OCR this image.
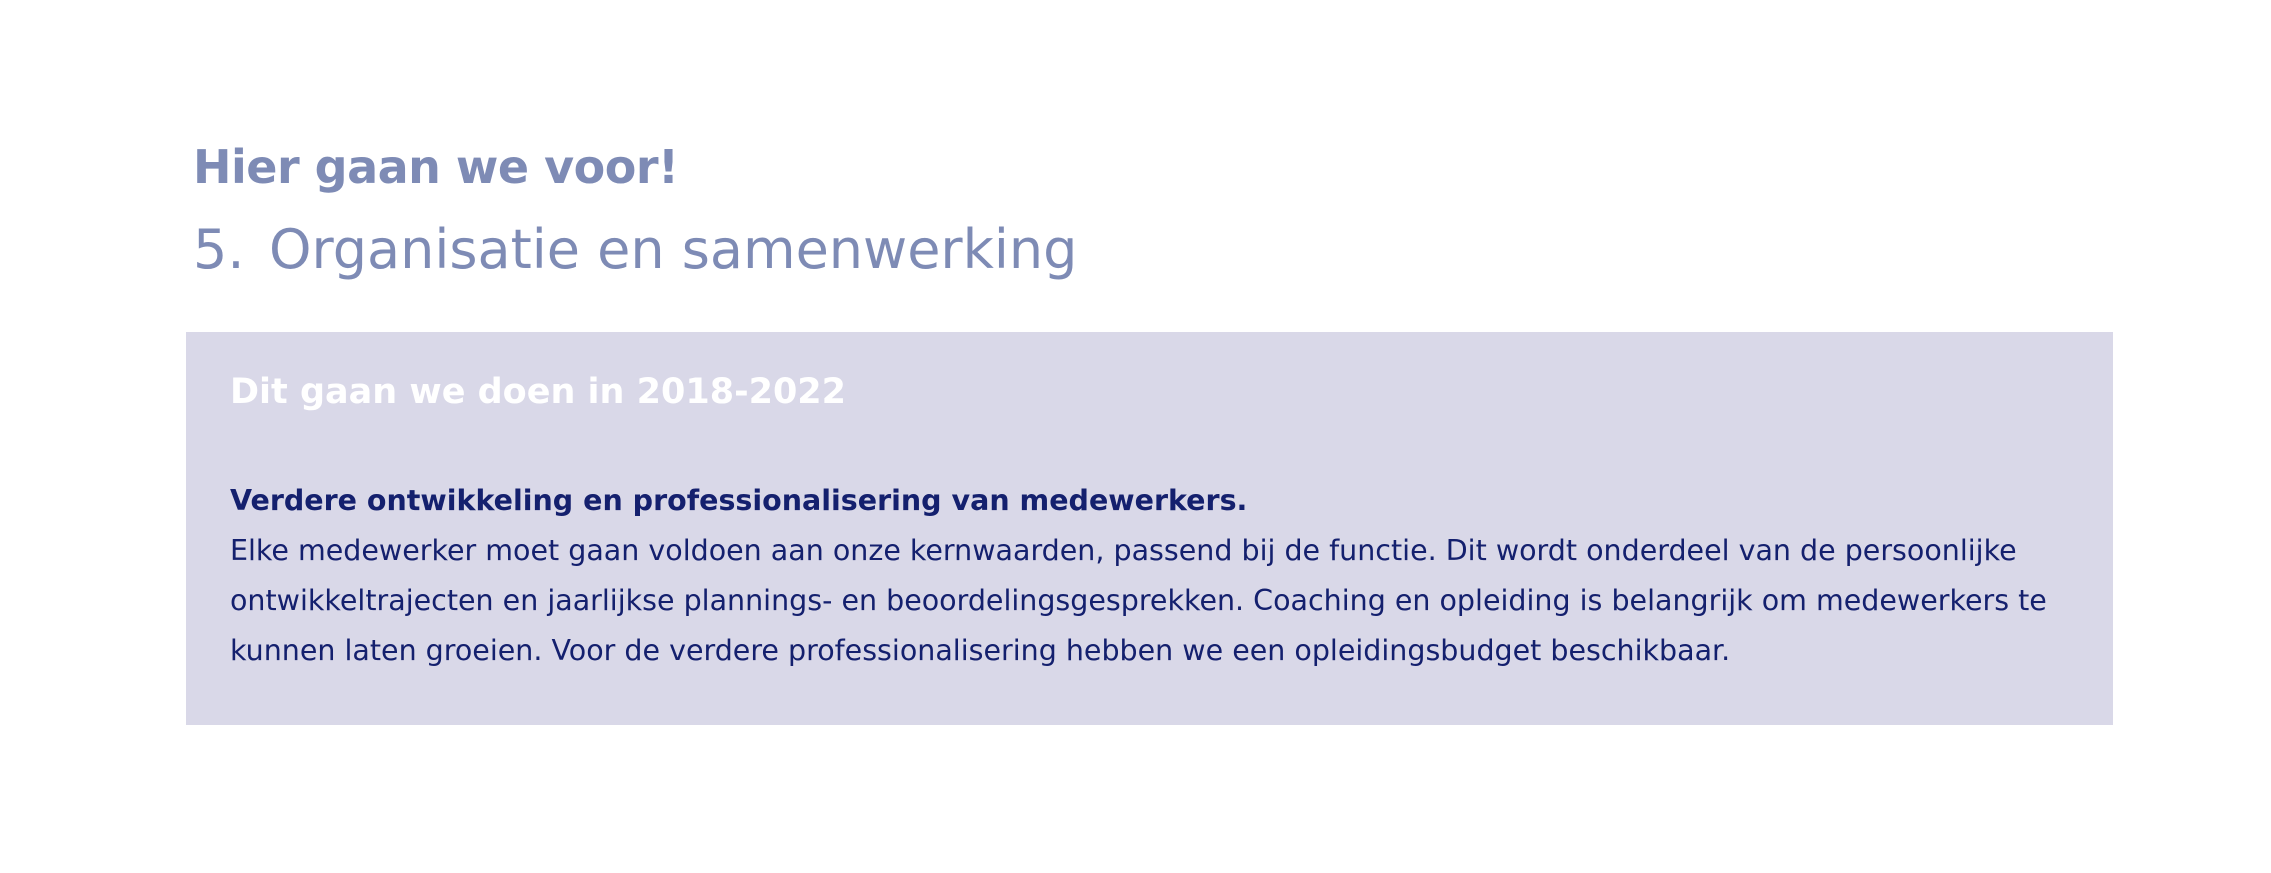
Hier gaan we voor!
5. Organisatie en samenwerking
Dit gaan we doen in 2018-2022
Verdere ontwikkeling en professionalisering van medewerkers.
Elke medewerker moet gaan voldoen aan onze kernwaarden, passend bij de functie. Dit wordt onderdeel van de persoonlijke ontwikkeltrajecten en jaarlijkse plannings- en beoordelingsgesprekken. Coaching en opleiding is belangrijk om medewerkers te kunnen laten groeien. Voor de verdere professionalisering hebben we een opleidingsbudget beschikbaar.
